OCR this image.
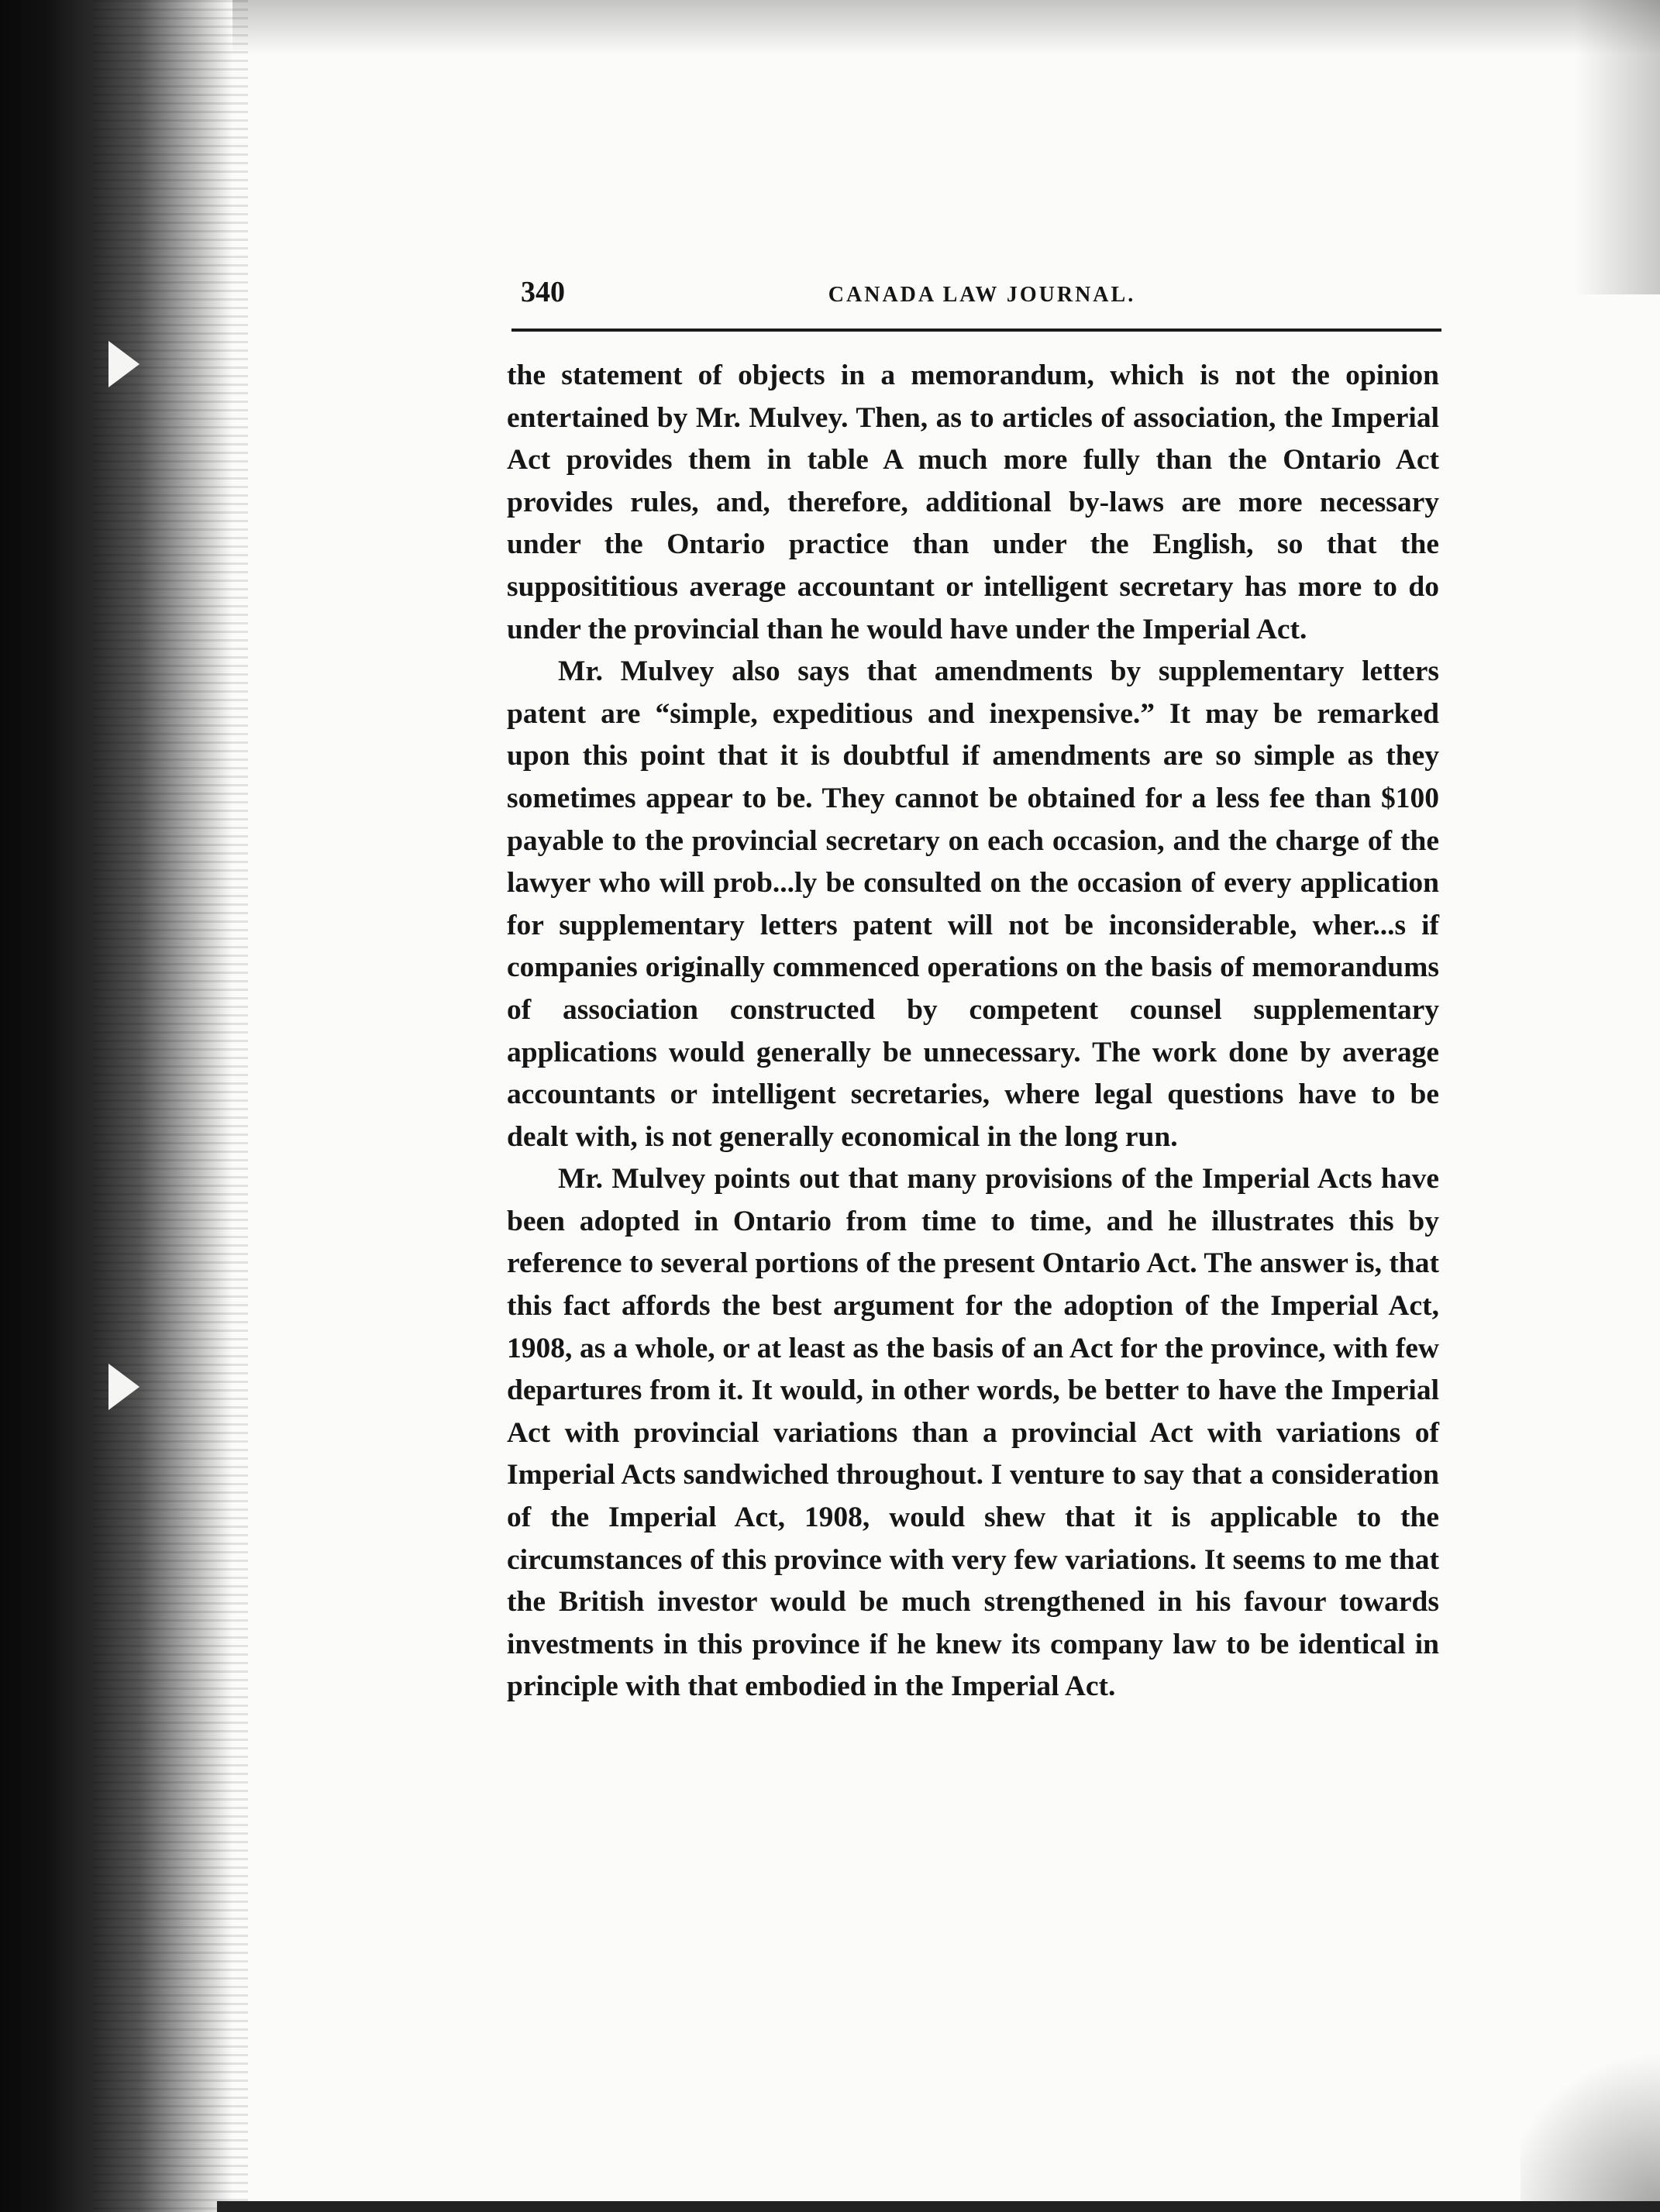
340	CANADA LAW JOURNAL.

the statement of objects in a memorandum, which is not the opinion entertained by Mr. Mulvey. Then, as to articles of association, the Imperial Act provides them in table A much more fully than the Ontario Act provides rules, and, therefore, additional by-laws are more necessary under the Ontario practice than under the English, so that the supposititious average accountant or intelligent secretary has more to do under the provincial than he would have under the Imperial Act.

Mr. Mulvey also says that amendments by supplementary letters patent are “simple, expeditious and inexpensive.” It may be remarked upon this point that it is doubtful if amendments are so simple as they sometimes appear to be. They cannot be obtained for a less fee than $100 payable to the provincial secretary on each occasion, and the charge of the lawyer who will prob...ly be consulted on the occasion of every application for supplementary letters patent will not be inconsiderable, wher...s if companies originally commenced operations on the basis of memorandums of association constructed by competent counsel supplementary applications would generally be unnecessary. The work done by average accountants or intelligent secretaries, where legal questions have to be dealt with, is not generally economical in the long run.

Mr. Mulvey points out that many provisions of the Imperial Acts have been adopted in Ontario from time to time, and he illustrates this by reference to several portions of the present Ontario Act. The answer is, that this fact affords the best argument for the adoption of the Imperial Act, 1908, as a whole, or at least as the basis of an Act for the province, with few departures from it. It would, in other words, be better to have the Imperial Act with provincial variations than a provincial Act with variations of Imperial Acts sandwiched throughout. I venture to say that a consideration of the Imperial Act, 1908, would shew that it is applicable to the circumstances of this province with very few variations. It seems to me that the British investor would be much strengthened in his favour towards investments in this province if he knew its company law to be identical in principle with that embodied in the Imperial Act.
